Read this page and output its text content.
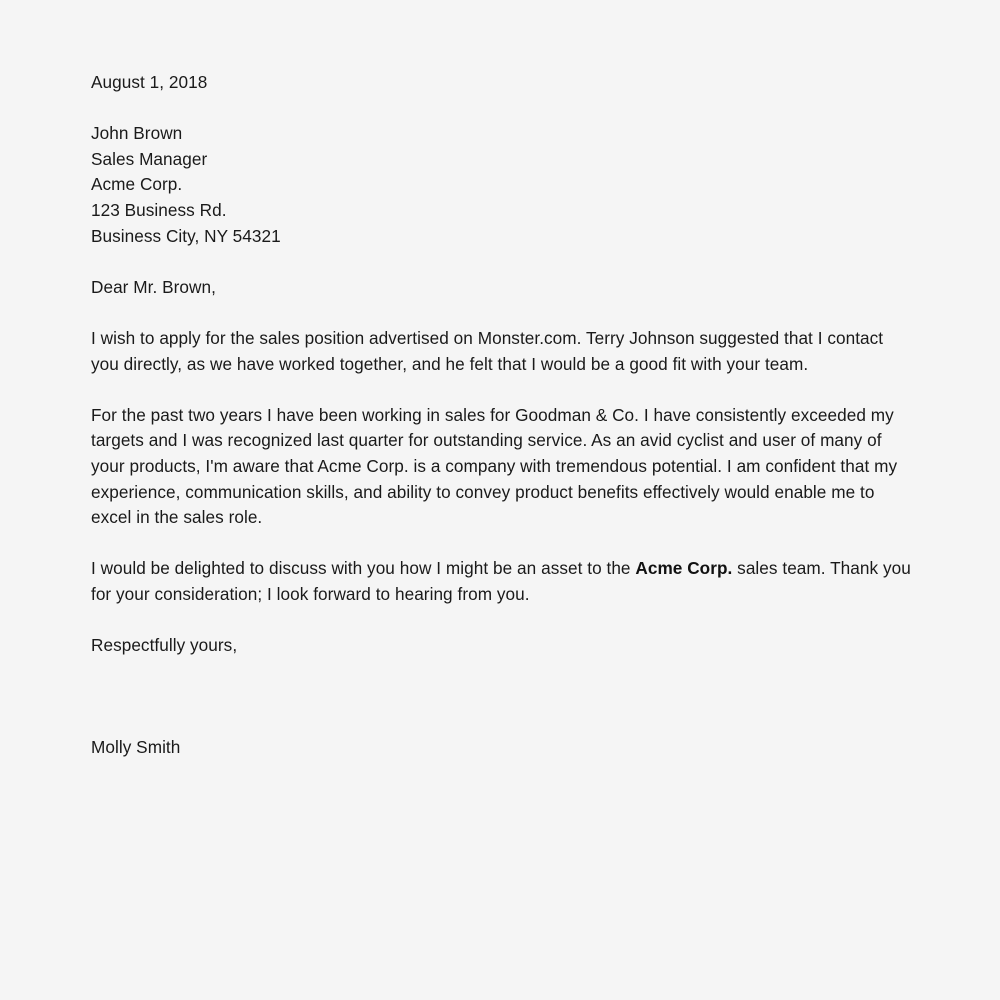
August 1, 2018

John Brown

Sales Manager

Acme Corp.

123 Business Rd.

Business City, NY 54321

Dear Mr. Brown,

I wish to apply for the sales position advertised on Monster.com. Terry Johnson suggested that I contact you directly, as we have worked together, and he felt that I would be a good fit with your team.

For the past two years I have been working in sales for Goodman & Co. I have consistently exceeded my targets and I was recognized last quarter for outstanding service. As an avid cyclist and user of many of your products, I'm aware that Acme Corp. is a company with tremendous potential. I am confident that my experience, communication skills, and ability to convey product benefits effectively would enable me to excel in the sales role.

I would be delighted to discuss with you how I might be an asset to the Acme Corp. sales team. Thank you for your consideration; I look forward to hearing from you.

Respectfully yours,

Molly Smith
